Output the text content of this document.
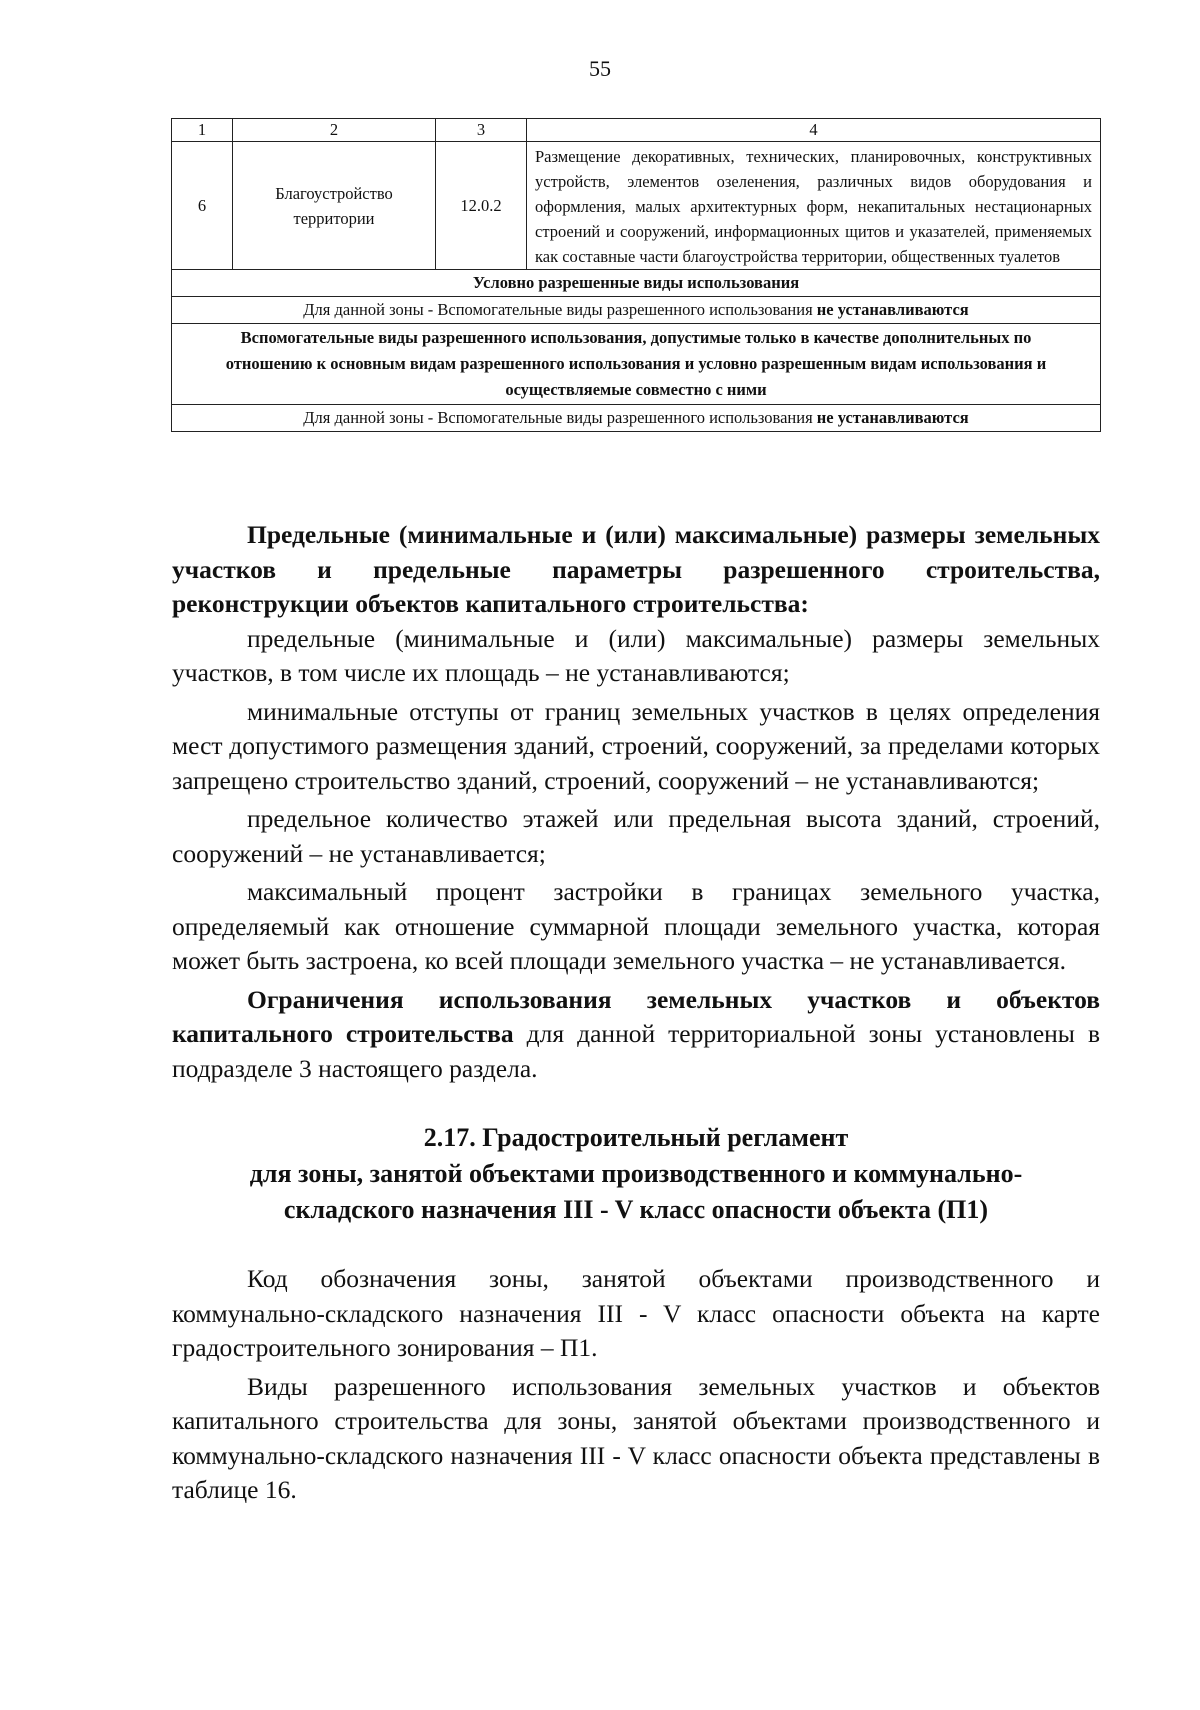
55
1	2	3	4
6	Благоустройство территории	12.0.2	Размещение декоративных, технических, планировочных, конструктивных устройств, элементов озеленения, различных видов оборудования и оформления, малых архитектурных форм, некапитальных нестационарных строений и сооружений, информационных щитов и указателей, применяемых как составные части благоустройства территории, общественных туалетов
Условно разрешенные виды использования			
Для данной зоны - Вспомогательные виды разрешенного использования не устанавливаются			
Вспомогательные виды разрешенного использования, допустимые только в качестве дополнительных по отношению к основным видам разрешенного использования и условно разрешенным видам использования и осуществляемые совместно с ними			
Для данной зоны - Вспомогательные виды разрешенного использования не устанавливаются			

Предельные (минимальные и (или) максимальные) размеры земельных участков и предельные параметры разрешенного строительства, реконструкции объектов капитального строительства:

предельные (минимальные и (или) максимальные) размеры земельных участков, в том числе их площадь – не устанавливаются;

минимальные отступы от границ земельных участков в целях определения мест допустимого размещения зданий, строений, сооружений, за пределами которых запрещено строительство зданий, строений, сооружений – не устанавливаются;

предельное количество этажей или предельная высота зданий, строений, сооружений – не устанавливается;

максимальный процент застройки в границах земельного участка, определяемый как отношение суммарной площади земельного участка, которая может быть застроена, ко всей площади земельного участка – не устанавливается.

Ограничения использования земельных участков и объектов капитального строительства для данной территориальной зоны установлены в подразделе 3 настоящего раздела.

2.17. Градостроительный регламент
для зоны, занятой объектами производственного и коммунально-
складского назначения III - V класс опасности объекта (П1)

Код обозначения зоны, занятой объектами производственного и коммунально-складского назначения III - V класс опасности объекта на карте градостроительного зонирования – П1.

Виды разрешенного использования земельных участков и объектов капитального строительства для зоны, занятой объектами производственного и коммунально-складского назначения III - V класс опасности объекта представлены в таблице 16.
